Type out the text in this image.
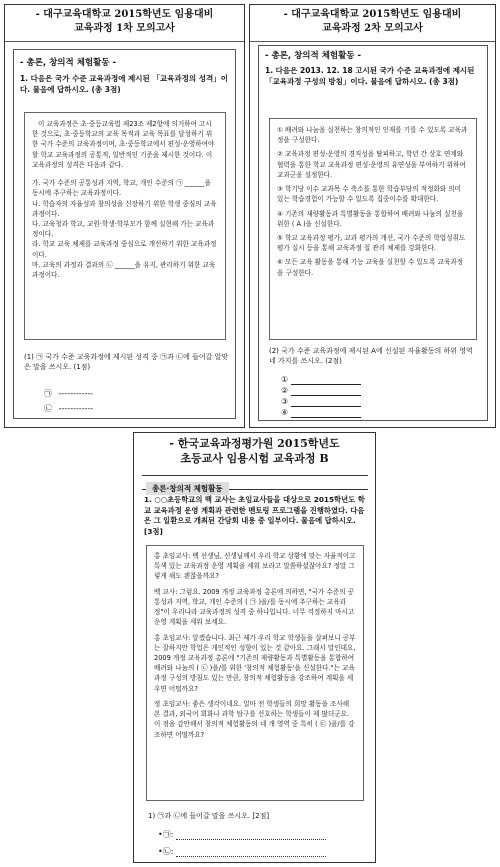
- 대구교육대학교 2015학년도 임용대비
교육과정 1차 모의고사
- 총론, 창의적 체험활동 -
1. 다음은 국가 수준 교육과정에 제시된 「교육과정의 성격」이다. 물음에 답하시오. (총 3점)

이 교육과정은 초·중등교육법 제23조 제2항에 의거하여 고시한 것으로, 초·중등학교의 교육 목적과 교육 목표를 달성하기 위한 국가 수준의 교육과정이며, 초·중등학교에서 편성·운영하여야 할 학교 교육과정의 공통적, 일반적인 기준을 제시한 것이다. 이 교육과정의 성격은 다음과 같다.

가. 국가 수준의 공통성과 지역, 학교, 개인 수준의 ㉠ ______을 동시에 추구하는 교육과정이다.

나. 학습자의 자율성과 창의성을 신장하기 위한 학생 중심의 교육과정이다.

다. 교육청과 학교, 교원·학생·학부모가 함께 실현해 가는 교육과정이다.

라. 학교 교육 체제를 교육과정 중심으로 개선하기 위한 교육과정이다.

마. 교육의 과정과 결과의 ㉡ ______을 유지, 관리하기 위한 교육과정이다.

(1) ㉠ 국가 수준 교육과정에 제시된 성격 중 ㉠과 ㉡에 들어갈 알맞은 말을 쓰시오. (1점)
㉠ ------------
㉡ ------------
- 대구교육대학교 2015학년도 임용대비
교육과정 2차 모의고사
- 총론, 창의적 체험활동 -
1. 다음은 2013. 12. 18 고시된 국가 수준 교육과정에 제시된 「교육과정 구성의 방침」이다. 물음에 답하시오. (총 3점)

① 배려와 나눔을 실천하는 창의적인 인재를 기를 수 있도록 교육과정을 구성한다.

② 교육과정 편성·운영의 경직성을 탈피하고, 학년 간 상호 연계와 협력을 통한 학교 교육과정 편성·운영의 유연성을 부여하기 위하여 교과군을 설정한다.

③ 학기당 이수 교과목 수 축소를 통한 학습부담의 적정화와 의미 있는 학습경험이 가능할 수 있도록 집중이수를 확대한다.

④ 기존의 재량활동과 특별활동을 통합하여 배려와 나눔의 실천을 위한 ( A )을 신설한다.

⑤ 학교 교육과정 평가, 교과 평가의 개선, 국가 수준의 학업성취도 평가 실시 등을 통해 교육과정 질 관리 체제를 강화한다.

⑥ 모든 교육 활동을 통해 기능 교육을 실천할 수 있도록 교육과정을 구성한다.

(2) 국가 수준 교육과정에 제시된 A에 신설된 자율활동의 하위 영역 네 가지를 쓰시오. (2점)
①
②
③
④
- 한국교육과정평가원 2015학년도
초등교사 임용시험 교육과정 B
총론·창의적 체험활동
1. ○○초등학교의 백 교사는 초임교사들을 대상으로 2015학년도 학교 교육과정 운영 계획과 관련한 멘토링 프로그램을 진행하였다. 다음은 그 일환으로 개최된 간담회 내용 중 일부이다. 물음에 답하시오. [3점]

홍 초임교사: 백 선생님, 선생님께서 우리 학교 상황에 맞는 자율적이고 특색 있는 교육과정 운영 계획을 세워 보라고 말씀하셨잖아요? 정말 그렇게 해도 괜찮을까요?

백 교사: 그럼요. 2009 개정 교육과정 총론에 의하면, "국가 수준의 공통성과 지역, 학교, 개인 수준의 ( ㉠ )을/를 동시에 추구하는 교육과정"이 우리나라 교육과정의 성격 중 하나입니다. 너무 걱정하지 마시고 운영 계획을 세워 보세요.

홍 초임교사: 알겠습니다. 최근 제가 우리 학교 학생들을 살펴보니 공부는 잘하지만 학업은 개인적인 성향이 있는 것 같아요. 그래서 말인데요, 2009 개정 교육과정 총론에 "기존의 재량활동과 특별활동을 통합하여 배려와 나눔의 ( ㉡ )을/를 위한 '창의적 체험활동'을 신설한다."는 교육과정 구성의 방침도 있는 만큼, 창의적 체험활동을 강조하여 계획을 세우면 어떨까요?

정 초임교사: 좋은 생각이네요. 얼마 전 학생들의 희망 활동을 조사해 본 결과, 외국어 회화나 과학 탐구를 선호하는 학생들이 제 많더군요. 이 점을 감안해서 창의적 체험활동의 네 개 영역 중 특히 ( ㉢ )을/를 강조하면 어떨까요?

1) ㉠과 ㉡에 들어갈 말을 쓰시오. [2점]
•㉠:
•㉡:
